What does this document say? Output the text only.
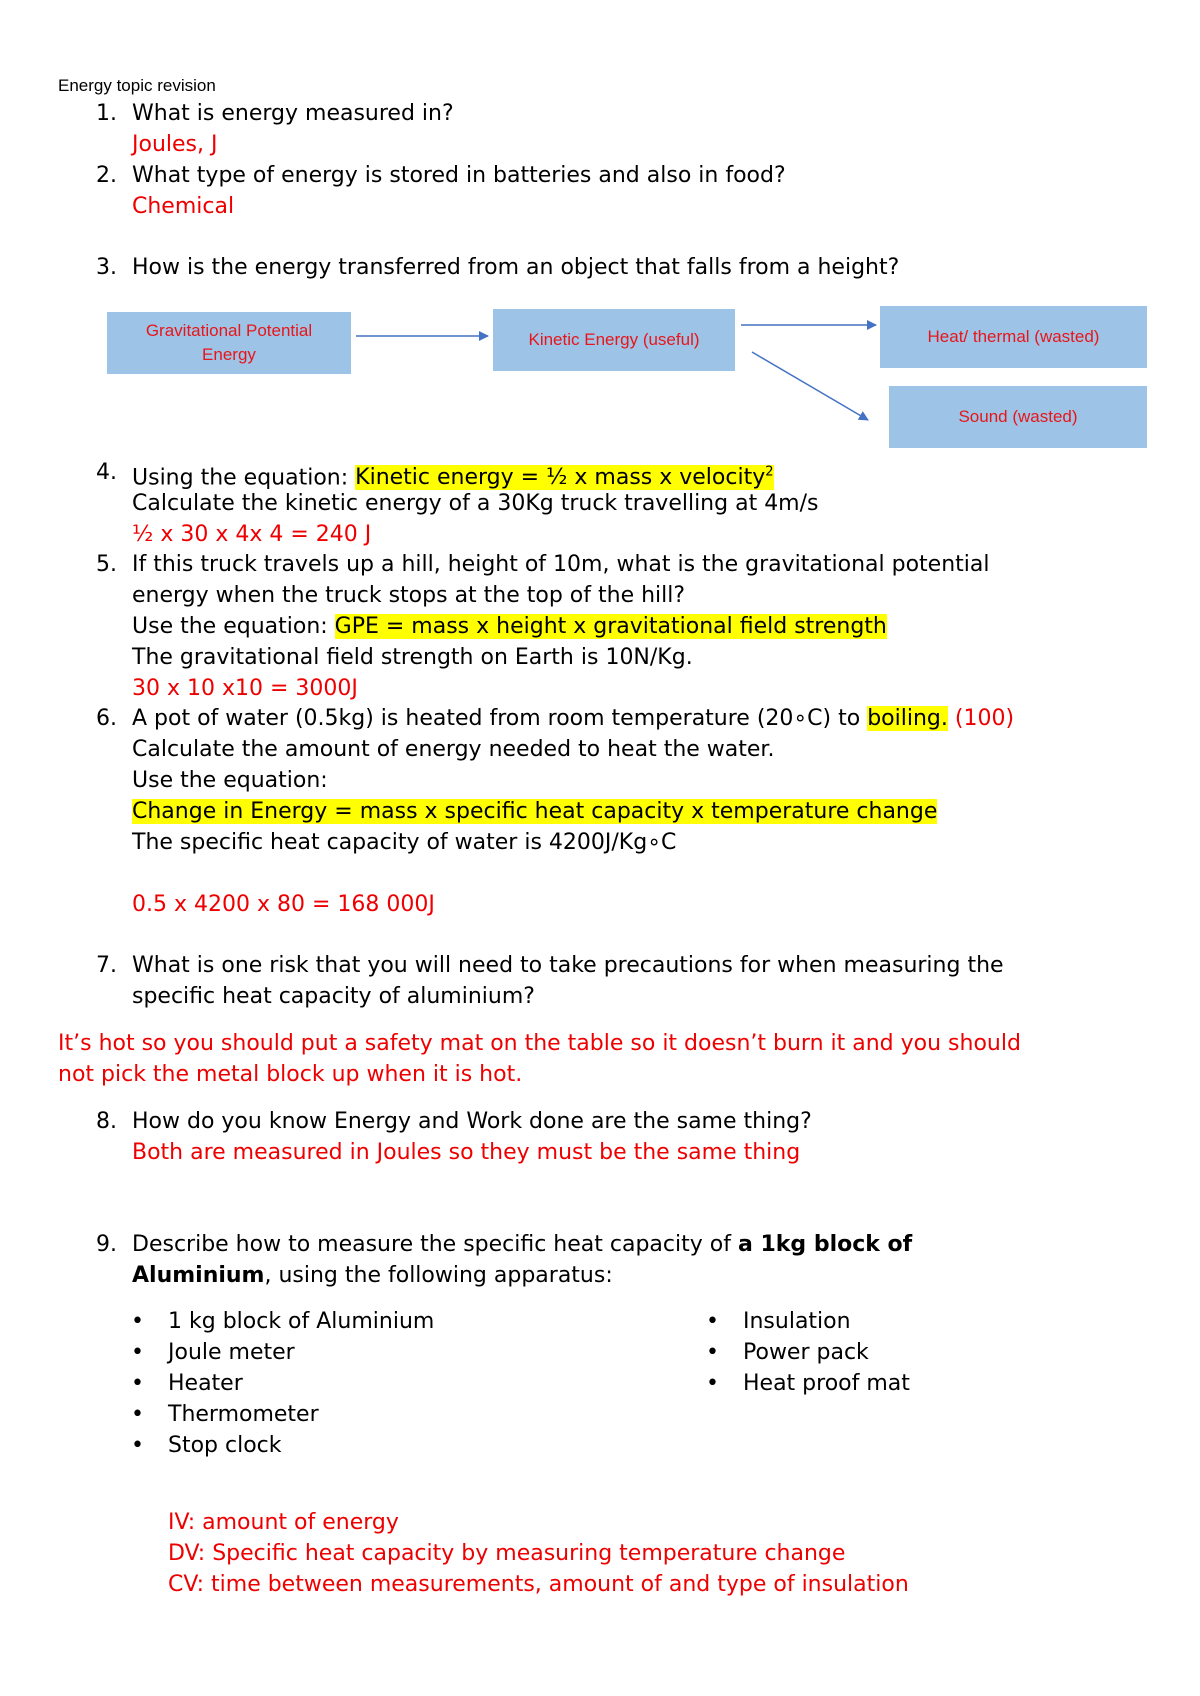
Energy topic revision
1. What is energy measured in?
Joules, J
2. What type of energy is stored in batteries and also in food?
Chemical
3. How is the energy transferred from an object that falls from a height?
Gravitational Potential
Energy
Kinetic Energy (useful)	Heat/ thermal (wasted)
Sound (wasted)
4. Using the equation: Kinetic energy = ½ x mass x velocity$^2$
Calculate the kinetic energy of a 30Kg truck travelling at 4m/s
½ x 30 x 4x 4 = 240 J
5. If this truck travels up a hill, height of 10m, what is the gravitational potential
energy when the truck stops at the top of the hill?
Use the equation: GPE = mass x height x gravitational field strength
The gravitational field strength on Earth is 10N/Kg.
30 x 10 x10 = 3000J
6. A pot of water (0.5kg) is heated from room temperature (20∘C) to boiling. (100)
Calculate the amount of energy needed to heat the water.
Use the equation:
Change in Energy = mass x specific heat capacity x temperature change
The specific heat capacity of water is 4200J/Kg∘C
0.5 x 4200 x 80 = 168 000J
7. What is one risk that you will need to take precautions for when measuring the
specific heat capacity of aluminium?
It’s hot so you should put a safety mat on the table so it doesn’t burn it and you should
not pick the metal block up when it is hot.
8. How do you know Energy and Work done are the same thing?
Both are measured in Joules so they must be the same thing
9. Describe how to measure the specific heat capacity of a 1kg block of
Aluminium, using the following apparatus:
• 1 kg block of Aluminium
• Joule meter
• Heater
• Thermometer
• Stop clock
• Insulation
• Power pack
• Heat proof mat
IV: amount of energy
DV: Specific heat capacity by measuring temperature change
CV: time between measurements, amount of and type of insulation
